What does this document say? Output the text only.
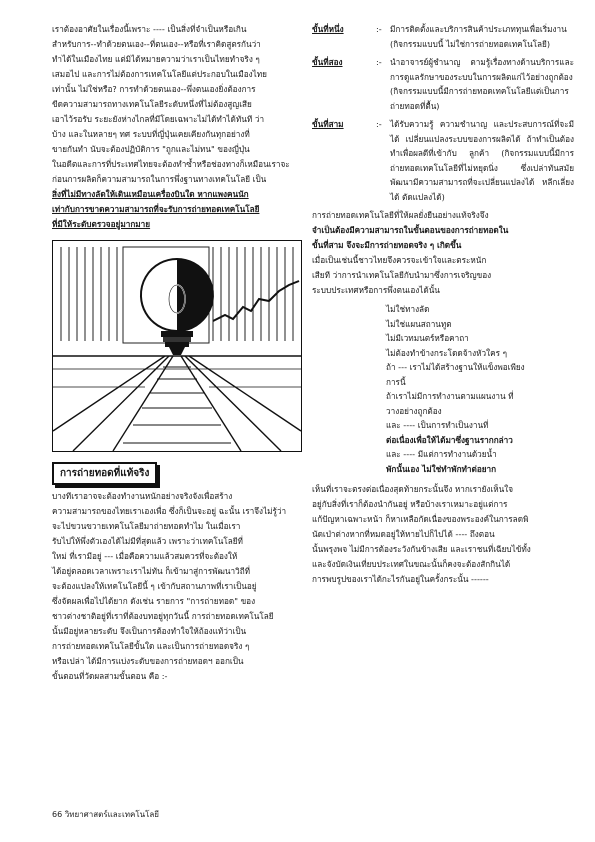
เราต้องอาศัยในเรื่องนี้เพราะ ---- เป็นสิ่งที่จำเป็นหรือเกิน

สำหรับการ--ทำด้วยตนเอง--ที่ตนเอง--หรือที่เราคิดสูตรกันว่า

ทำได้ในเมืองไทย แต่มิได้หมายความว่าเราเป็นไทยทำจริง ๆ

เสมอไป และการไม่ต้องการเทคโนโลยีแต่ประกอบในเมืองไทย

เท่านั้น ไม่ใช่หรือ? การทำด้วยตนเอง--พึ่งตนเองยิ่งต้องการ

ขีดความสามารถทางเทคโนโลยีระดับหนึ่งที่ไม่ต้องสูญเสีย

เอาไว้รอรับ ระยะยังห่างไกลที่มีโดยเฉพาะไม่ได้ทำได้ทันที ว่า

บ้าง และในหลายๆ ทศ ระบบที่ญี่ปุ่นเคยเคียงกันทุกอย่างที่

ขายกันทำ นับจะต้องปฏิบัติการ "ถูกและไม่ทน" ของญี่ปุ่น

ในอดีตและการที่ประเทศไทยจะต้องทำซ้ำหรือช่องทางก็เหมือนเราจะ

ก่อนการผลิตก็ความสามารถในการพึ่งฐานทางเทคโนโลยี เป็น

สิ่งที่ไม่มีทางลัดให้เดินเหมือนเครื่องบินใด หากแพงคนนัก

เท่ากับการขาดความสามารถที่จะรับการถ่ายทอดเทคโนโลยี

ที่มีให้ระดับตรวจอยู่มากมาย

การถ่ายทอดที่แท้จริง

บางทีเราอาจจะต้องทำงานหนักอย่างจริงจังเพื่อสร้าง

ความสามารถของไทยเราเองเพื่อ ซึ่งก็เป็นจะอยู่ ฉะนั้น เราจึงไม่รู้ว่า

จะไปขวนขวายเทคโนโลยีมาถ่ายทอดทำไม ในเมื่อเรา

รับไปให้พึ่งตัวเองได้ไม่มีที่สุดแล้ว เพราะว่าเทคโนโลยีที่

ใหม่ ที่เรามีอยู่ --- เมื่อคือความแล้วสมควรที่จะต้องให้

ได้อยู่ตลอดเวลาเพราะเราไม่ทัน ก็เข้ามาสู่การพัฒนาวิถีที่

จะต้องแปลงให้เทคโนโลยีนี้ ๆ เข้ากับสถานภาพที่เราเป็นอยู่

ซึ่งจัดผลเพื่อไปได้ยาก ดังเช่น รายการ "การถ่ายทอด" ของ

ชาวต่างชาติอยู่ที่เราที่ต้องบทอยู่ทุกวันนี้ การถ่ายทอดเทคโนโลยี

นั้นมีอยู่หลายระดับ จึงเป็นการต้องทำใจให้ถ้องแท้ว่าเป็น

การถ่ายทอดเทคโนโลยีขั้นใด และเป็นการถ่ายทอดจริง ๆ

หรือเปล่า ได้มีการแบ่งระดับของการถ่ายทอดฯ ออกเป็น

ขั้นตอนที่วัดผลสามขั้นตอน คือ :-

ขั้นที่หนึ่ง	:-	มีการติดตั้งและบริการสินค้าประเภททุนเพื่อเริ่มงาน (กิจกรรมแบบนี้ ไม่ใช่การถ่ายทอดเทคโนโลยี)
ขั้นที่สอง	:-	นำอาจารย์ผู้ชำนาญ ตามรู้เรื่องทางด้านบริการและการดูแลรักษาของระบบในการผลิตแก่ไว้อย่างถูกต้อง (กิจกรรมแบบนี้มีการถ่ายทอดเทคโนโลยีแต่เป็นการถ่ายทอดที่ตื้น)
ขั้นที่สาม	:-	ได้รับความรู้ ความชำนาญ และประสบการณ์ที่จะมีได้ เปลี่ยนแปลงระบบของการผลิตได้ ถ้าทำเป็นต้องทำเพื่อผลดีที่เข้ากับ ลูกค้า (กิจกรรมแบบนี้มีการถ่ายทอดเทคโนโลยีที่ไม่หยุดนิ่ง ซึ่งเปล่าทันสมัย พัฒนามีความสามารถที่จะเปลี่ยนแปลงได้ หลีกเลี่ยงได้ ตัดแปลงได้)

การถ่ายทอดเทคโนโลยีที่ให้ผลยั่งยืนอย่างแท้จริงจึง

จำเป็นต้องมีความสามารถในขั้นตอนของการถ่ายทอดใน

ขั้นที่สาม จึงจะมีการถ่ายทอดจริง ๆ เกิดขึ้น

เมื่อเป็นเช่นนี้ชาวไทยจึงควรจะเข้าใจและตระหนัก

เสียที ว่าการนำเทคโนโลยีกับนำมาซึ่งการเจริญของ

ระบบประเทศหรือการพึ่งตนเองได้นั้น

ไม่ใช่ทางลัด
ไม่ใช่แผนสถานทูต
ไม่มีเวทมนตร์หรือคาถา
ไม่ต้องทำข้างกระโดดจ้างหัวใคร ๆ
ถ้า --- เราไม่ได้สร้างฐานให้แข็งพอเพียง
การนี้
ถ้าเราไม่มีการทำงานตามแผนงาน ที่
วางอย่างถูกต้อง
และ ---- เป็นการทำเป็นงานที่
ต่อเนื่องเพื่อให้ได้มาซึ่งฐานรากกล่าว
และ ---- มีแต่การทำงานด้วยน้ำ
พักนั้นเอง ไม่ใช่ทำพักทำต่อยาก

เห็นที่เราจะตรงต่อเนื่องสุดท้ายกระนั้นจึง หากเรายังเห็นใจ

อยู่กับสิ่งที่เราก็ต้องนำกันอยู่ หรือบ้างเราเหมาะอยู่แต่การ

แก้ปัญหาเฉพาะหน้า ก็หาเหลือกัดเนื่องของพระองค์ในการลดพิ

นัดเป่าต่างหากที่หมดอยู่ให้หายไปก็ไปได้ ---- ถึงตอน

นั้นพรุงพจ ไม่มีการต้องระวังกันข้างเสีย และเราชนที่เฉียบไข้ทั้ง

และจังบัดเงินเที่ยบประเทศในขณะนั้นก็คงจะต้องสักกินได้

การพบรูปของเราได้กะไรกันอยู่ในครั้งกระนั้น ------

66 วิทยาศาสตร์และเทคโนโลยี
